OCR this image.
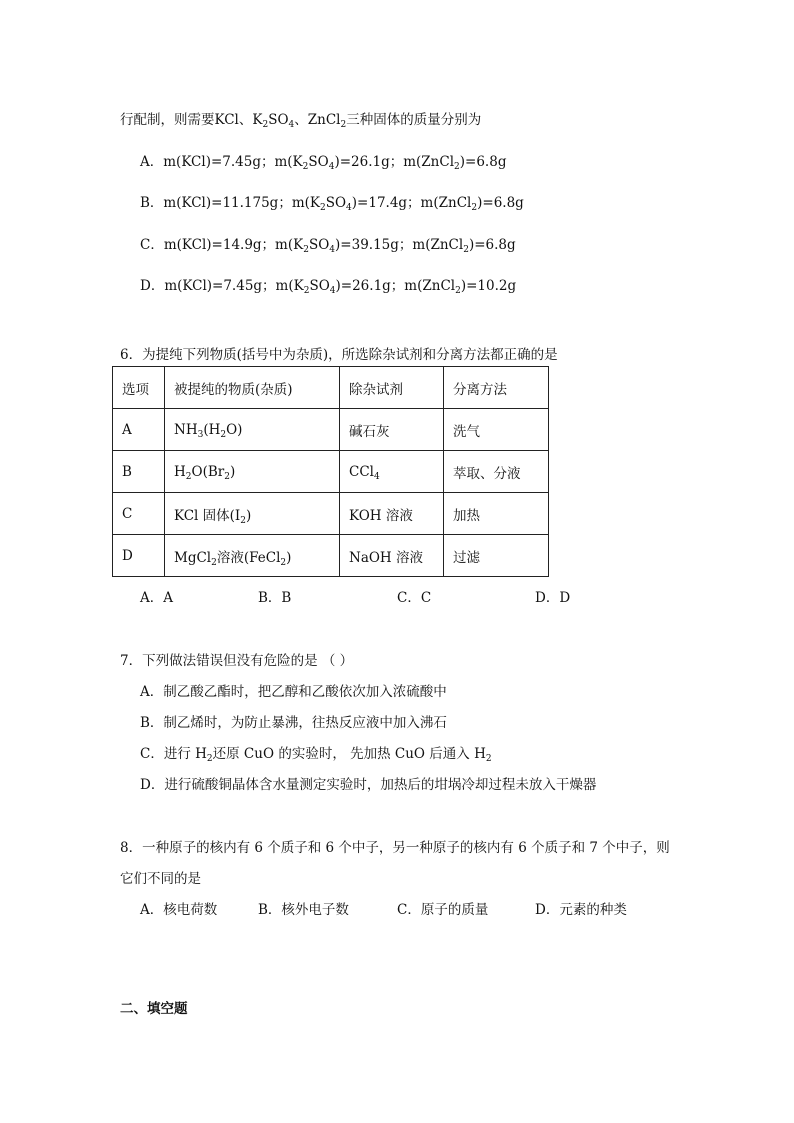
行配制，则需要KCl、$K_2SO_4$、ZnCl$_2$三种固体的质量分别为
A．m(KCl)=7.45g；$m(K_2SO_4)=26.1g$；m(ZnCl$_2$)=6.8g
B．m(KCl)=11.175g；$m(K_2SO_4)=17.4g$；m(ZnCl$_2$)=6.8g
C．m(KCl)=14.9g；$m(K_2SO_4)=39.15g$；m(ZnCl$_2$)=6.8g
D．m(KCl)=7.45g；$m(K_2SO_4)=26.1g$；m(ZnCl$_2$)=10.2g
6．为提纯下列物质(括号中为杂质)，所选除杂试剂和分离方法都正确的是
选项	被提纯的物质(杂质)	除杂试剂	分离方法
A	$NH_3(H_2O)$	碱石灰	洗气
B	$H_2O(Br_2)$	CCl$_4$	萃取、分液
C	KCl 固体$(I_2)$	KOH 溶液	加热
D	MgCl$_2$溶液(FeCl$_2$)	NaOH 溶液	过滤
A．A	B．B	C．C	D．D
7．下列做法错误但没有危险的是 （ ）
A．制乙酸乙酯时，把乙醇和乙酸依次加入浓硫酸中
B．制乙烯时，为防止暴沸，往热反应液中加入沸石
C．进行 $H_2$还原 CuO 的实验时， 先加热 CuO 后通入 $H_2$
D．进行硫酸铜晶体含水量测定实验时，加热后的坩埚冷却过程未放入干燥器
8．一种原子的核内有 6 个质子和 6 个中子，另一种原子的核内有 6 个质子和 7 个中子，则
它们不同的是
A．核电荷数	B．核外电子数	C．原子的质量	D．元素的种类
二、填空题
